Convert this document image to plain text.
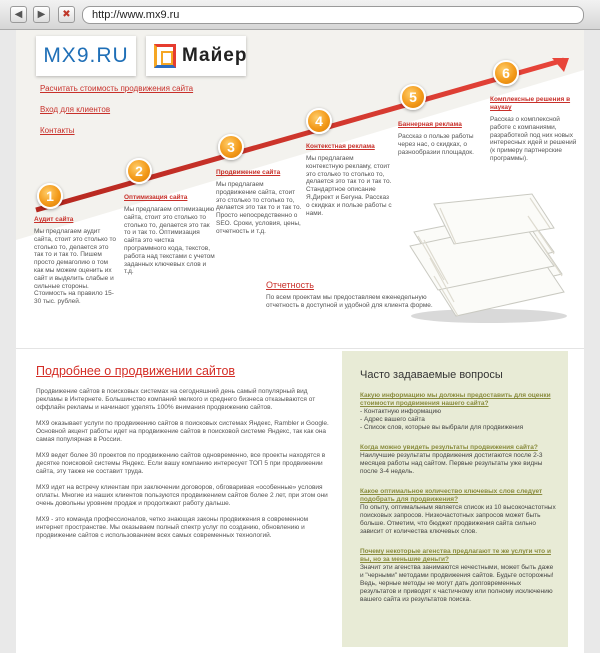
◀	▶	✖	http://www.mx9.ru
MX9.RU	Майер
Расчитать стоимость продвижения сайта
Вход для клиентов
Контакты
1
2
3
4
5
6
Аудит сайта

Мы предлагаем аудит сайта, стоит это столько то столько то, делается это так то и так то. Пишем просто демаголию о том как мы можем оценить их сайт и выделить слабые и сильные стороны. Стоимость на правило 15-30 тыс. рублей.

Оптимизация сайта

Мы предлагаем оптимизацию сайта, стоит это столько то столько то, делается это так то и так то. Оптимизация сайта это чистка программного кода, текстов, работа над текстами с учетом заданных ключевых слов и т.д.

Продвижение сайта

Мы предлагаем продвижение сайта, стоит это столько то столько то, делается это так то и так то. Просто непосредственно о SEO. Сроки, условия, цены, отчетность и т.д.

Контекстная реклама

Мы предлагаем контекстную рекламу, стоит это столько то столько то, делается это так то и так то. Стандартное описание Я.Директ и Бегуна. Рассказ о скидках и пользе работы с нами.

Баннерная реклама

Рассказ о пользе работы через нас, о скидках, о разнообразии площадок.

Комплексные решения в наукау

Рассказ о комплексной работе с компаниями, разработкой под них новых интересных идей и решений (к примеру партнерские программы).

Отчетность

По всем проектам мы предоставляем еженедельную отчетность в доступной и удобной для клиента форме.

Подробнее о продвижении сайтов

Продвижение сайтов в поисковых системах на сегодняшний день самый популярный вид рекламы в Интернете. Большинство компаний мелкого и среднего бизнеса отказываются от оффлайн рекламы и начинают уделять 100% внимания продвижению сайтов.

MX9 оказывает услуги по продвижению сайтов в поисковых системах Яндекс, Rambler и Google. Основной акцент работы идет на продвижение сайтов в поисковой системе Яндекс, так как она самая популярная в России.

MX9 ведет более 30 проектов по продвижению сайтов одновременно, все проекты находятся в десятке поисковой системы Яндекс. Если вашу компанию интересует ТОП 5 при продвижении сайта, эту также не составит труда.

MX9 идет на встречу клиентам при заключении договоров, обговаривая «особенные» условия оплаты. Многие из наших клиентов пользуются продвижением сайтов более 2 лет, при этом они очень довольны уровнем продаж и продолжают работу дальше.

MX9 - это команда профессионалов, четко знающая законы продвижения в современном интернет пространстве. Мы оказываем полный спектр услуг по созданию, обновлению и продвижение сайтов с использованием всех самых современных технологий.

Часто задаваемые вопросы
Какую информацию мы должны предоставить для оценки стоимости продвижения нашего сайта?
- Контактную информацию
- Адрес вашего сайта
- Список слов, которые вы выбрали для продвижения
Когда можно увидеть результаты продвижения сайта?
Наилучшие результаты продвижения достигаются после 2-3 месяцев работы над сайтом. Первые результаты уже видны после 3-4 недель.
Какое оптимальное количество ключевых слов следует подобрать для продвижения?
По опыту, оптимальным является список из 10 высокочастотных поисковых запросов. Низкочастотных запросов может быть больше. Отметим, что бюджет продвижения сайта сильно зависит от количества ключевых слов.
Почему некоторые агенства предлагают те же услуги что и вы, но за меньшие деньги?
Значит эти агенства занимаются нечестными, может быть даже и "черными" методами продвижения сайтов. Будьте осторожны! Ведь, черные методы не могут дать долговременных результатов и приводят к частичному или полному исключению вашего сайта из результатов поиска.
